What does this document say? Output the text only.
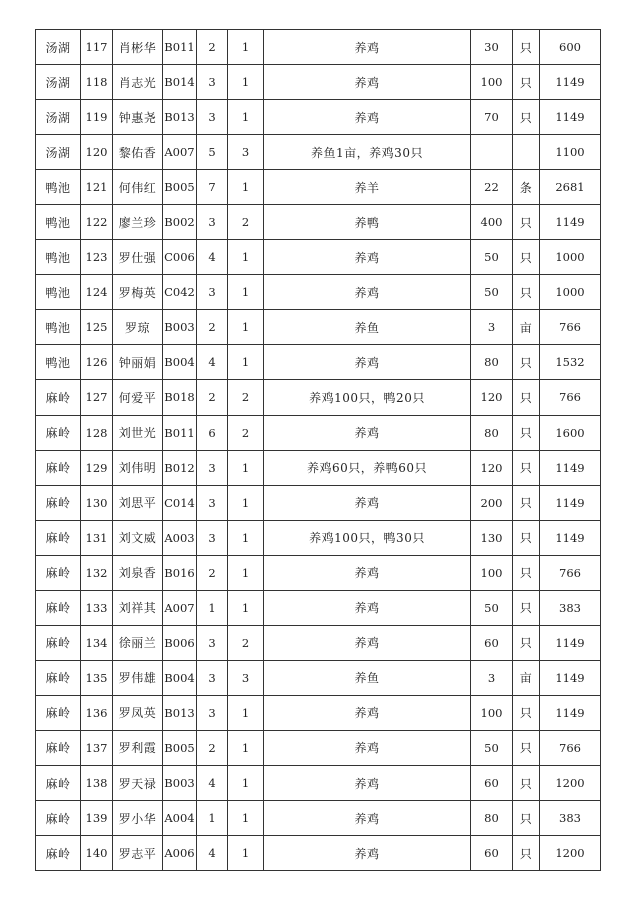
汤湖	117	肖彬华	B011	2	1	养鸡	30	只	600
汤湖	118	肖志光	B014	3	1	养鸡	100	只	1149
汤湖	119	钟惠尧	B013	3	1	养鸡	70	只	1149
汤湖	120	黎佑香	A007	5	3	养鱼1亩，养鸡30只			1100
鸭池	121	何伟红	B005	7	1	养羊	22	条	2681
鸭池	122	廖兰珍	B002	3	2	养鸭	400	只	1149
鸭池	123	罗仕强	C006	4	1	养鸡	50	只	1000
鸭池	124	罗梅英	C042	3	1	养鸡	50	只	1000
鸭池	125	罗琼	B003	2	1	养鱼	3	亩	766
鸭池	126	钟丽娟	B004	4	1	养鸡	80	只	1532
麻岭	127	何爱平	B018	2	2	养鸡100只，鸭20只	120	只	766
麻岭	128	刘世光	B011	6	2	养鸡	80	只	1600
麻岭	129	刘伟明	B012	3	1	养鸡60只，养鸭60只	120	只	1149
麻岭	130	刘思平	C014	3	1	养鸡	200	只	1149
麻岭	131	刘文威	A003	3	1	养鸡100只，鸭30只	130	只	1149
麻岭	132	刘泉香	B016	2	1	养鸡	100	只	766
麻岭	133	刘祥其	A007	1	1	养鸡	50	只	383
麻岭	134	徐丽兰	B006	3	2	养鸡	60	只	1149
麻岭	135	罗伟雄	B004	3	3	养鱼	3	亩	1149
麻岭	136	罗凤英	B013	3	1	养鸡	100	只	1149
麻岭	137	罗利霞	B005	2	1	养鸡	50	只	766
麻岭	138	罗天禄	B003	4	1	养鸡	60	只	1200
麻岭	139	罗小华	A004	1	1	养鸡	80	只	383
麻岭	140	罗志平	A006	4	1	养鸡	60	只	1200
